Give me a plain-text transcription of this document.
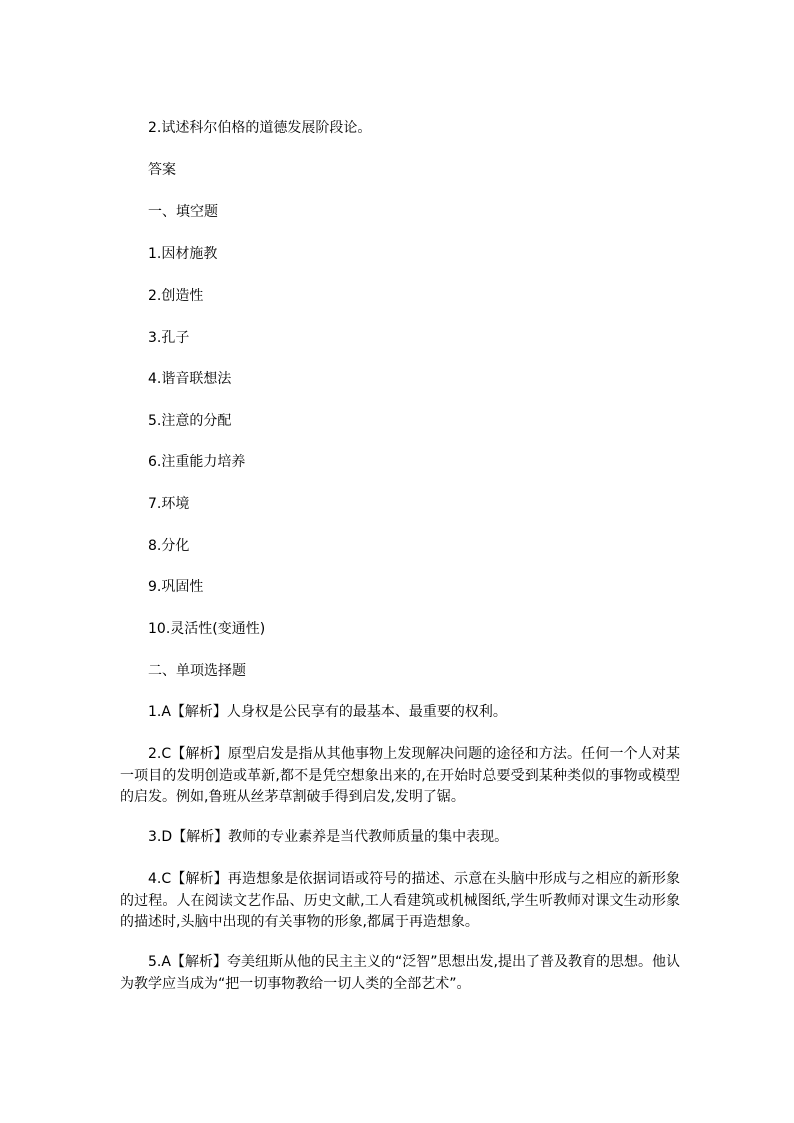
2.试述科尔伯格的道德发展阶段论。
答案
一、填空题
1.因材施教
2.创造性
3.孔子
4.谐音联想法
5.注意的分配
6.注重能力培养
7.环境
8.分化
9.巩固性
10.灵活性(变通性)
二、单项选择题
1.A【解析】人身权是公民享有的最基本、最重要的权利。
2.C【解析】原型启发是指从其他事物上发现解决问题的途径和方法。任何一个人对某一项目的发明创造或革新,都不是凭空想象出来的,在开始时总要受到某种类似的事物或模型的启发。例如,鲁班从丝茅草割破手得到启发,发明了锯。
3.D【解析】教师的专业素养是当代教师质量的集中表现。
4.C【解析】再造想象是依据词语或符号的描述、示意在头脑中形成与之相应的新形象的过程。人在阅读文艺作品、历史文献,工人看建筑或机械图纸,学生听教师对课文生动形象的描述时,头脑中出现的有关事物的形象,都属于再造想象。
5.A【解析】夸美纽斯从他的民主主义的“泛智”思想出发,提出了普及教育的思想。他认为教学应当成为“把一切事物教给一切人类的全部艺术”。
